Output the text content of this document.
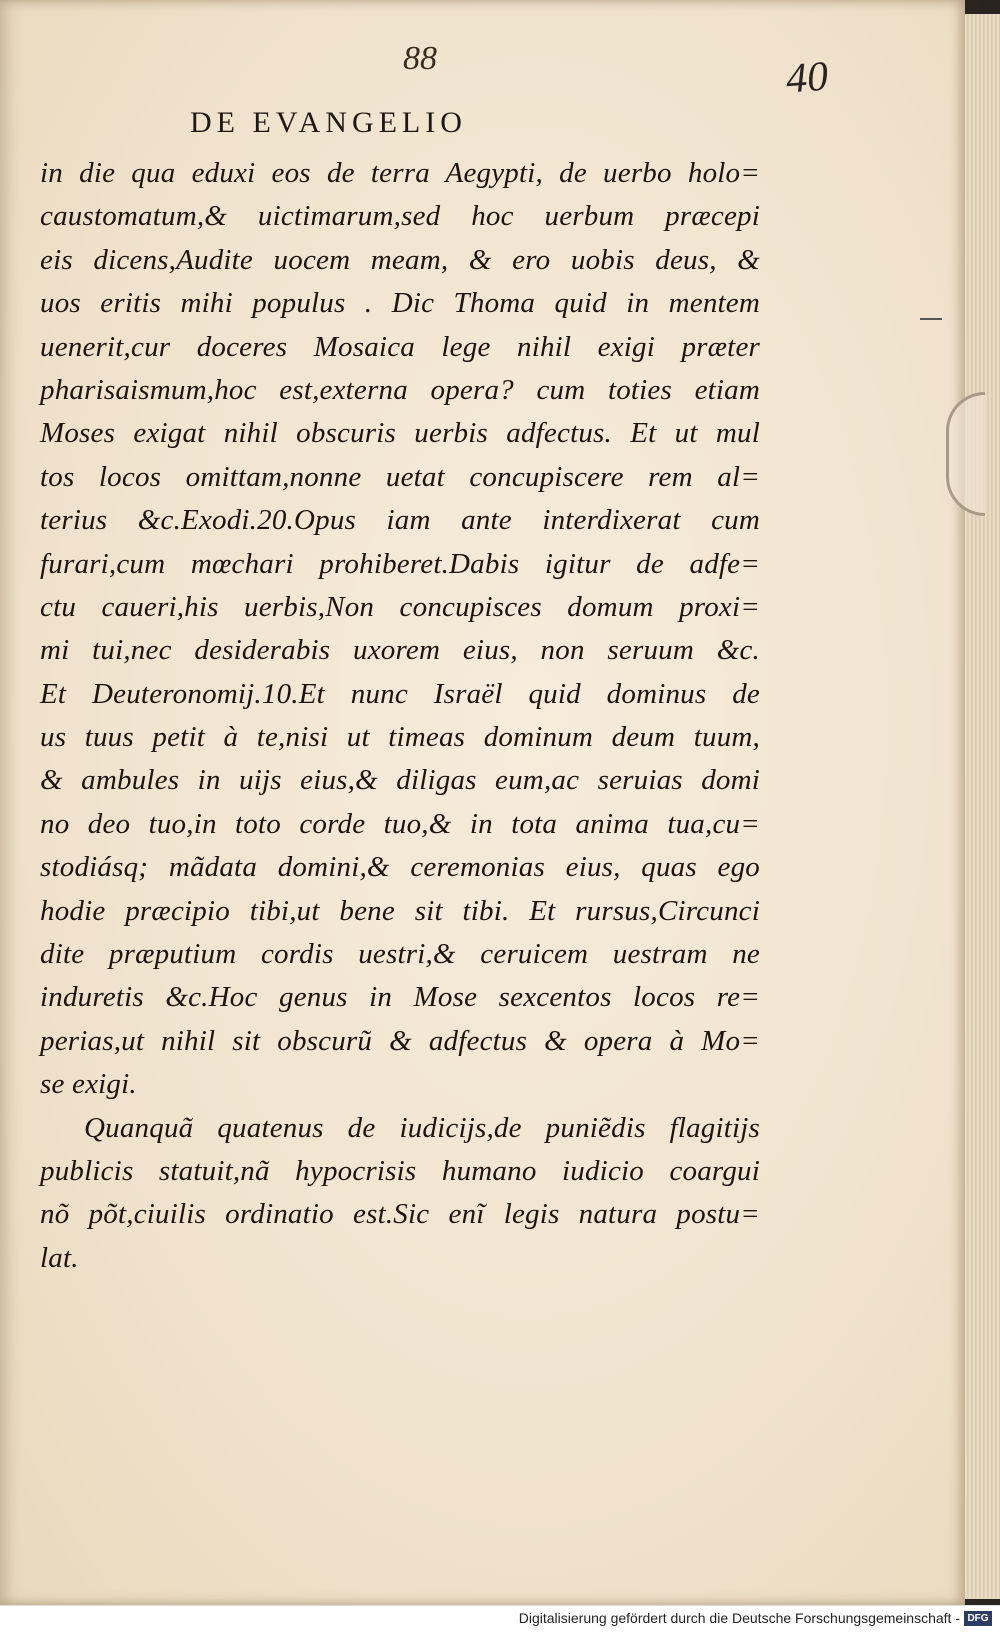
88	40
DE EVANGELIO
in die qua eduxi eos de terra Aegypti, de uerbo holo=
caustomatum,& uictimarum,sed hoc uerbum præcepi
eis dicens,Audite uocem meam, & ero uobis deus, &
uos eritis mihi populus . Dic Thoma quid in mentem
uenerit,cur doceres Mosaica lege nihil exigi præter
pharisaismum,hoc est,externa opera? cum toties etiam
Moses exigat nihil obscuris uerbis adfectus. Et ut mul
tos locos omittam,nonne uetat concupiscere rem al=
terius &c.Exodi.20.Opus iam ante interdixerat cum
furari,cum mœchari prohiberet.Dabis igitur de adfe=
ctu caueri,his uerbis,Non concupisces domum proxi=
mi tui,nec desiderabis uxorem eius, non seruum &c.
Et Deuteronomij.10.Et nunc Israël quid dominus de
us tuus petit à te,nisi ut timeas dominum deum tuum,
& ambules in uijs eius,& diligas eum,ac seruias domi
no deo tuo,in toto corde tuo,& in tota anima tua,cu=
stodiásq; mãdata domini,& ceremonias eius, quas ego
hodie præcipio tibi,ut bene sit tibi. Et rursus,Circunci
dite præputium cordis uestri,& ceruicem uestram ne
induretis &c.Hoc genus in Mose sexcentos locos re=
perias,ut nihil sit obscurũ & adfectus & opera à Mo=
se exigi.
Quanquã quatenus de iudicijs,de puniẽdis flagitijs
publicis statuit,nã hypocrisis humano iudicio coargui
nõ põt,ciuilis ordinatio est.Sic enĩ legis natura postu=
lat.
Digitalisierung gefördert durch die Deutsche Forschungsgemeinschaft - DFG
